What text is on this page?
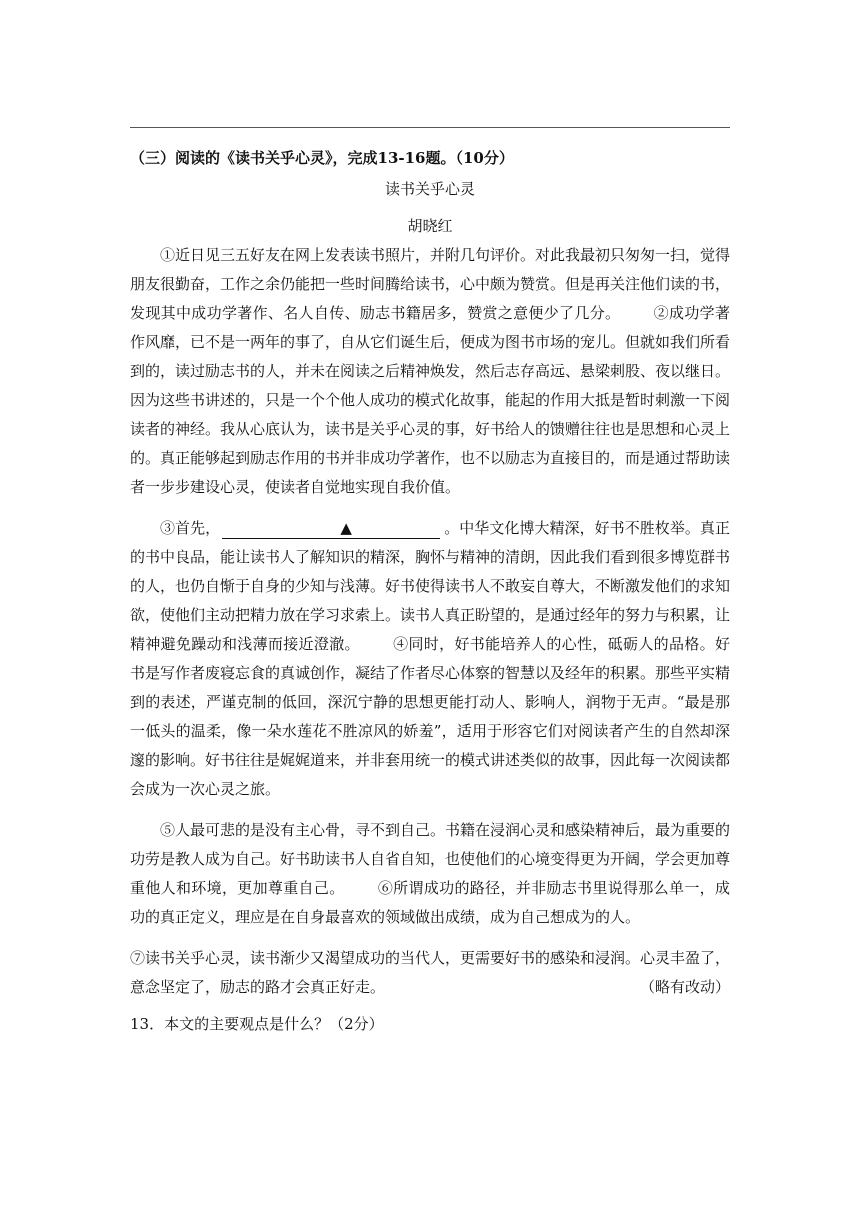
（三）阅读的《读书关乎心灵》，完成13-16题。（10分）

读书关乎心灵

胡晓红

①近日见三五好友在网上发表读书照片，并附几句评价。对此我最初只匆匆一扫，觉得朋友很勤奋，工作之余仍能把一些时间腾给读书，心中颇为赞赏。但是再关注他们读的书，发现其中成功学著作、名人自传、励志书籍居多，赞赏之意便少了几分。 ②成功学著作风靡，已不是一两年的事了，自从它们诞生后，便成为图书市场的宠儿。但就如我们所看到的，读过励志书的人，并未在阅读之后精神焕发，然后志存高远、悬梁刺股、夜以继日。因为这些书讲述的，只是一个个他人成功的模式化故事，能起的作用大抵是暂时刺激一下阅读者的神经。我从心底认为，读书是关乎心灵的事，好书给人的馈赠往往也是思想和心灵上的。真正能够起到励志作用的书并非成功学著作，也不以励志为直接目的，而是通过帮助读者一步步建设心灵，使读者自觉地实现自我价值。

③首先，	▲	。中华文化博大精深，好书不胜枚举。真正的书中良品，能让读书人了解知识的精深，胸怀与精神的清朗，因此我们看到很多博览群书的人，也仍自惭于自身的少知与浅薄。好书使得读书人不敢妄自尊大，不断激发他们的求知欲，使他们主动把精力放在学习求索上。读书人真正盼望的，是通过经年的努力与积累，让精神避免躁动和浅薄而接近澄澈。 ④同时，好书能培养人的心性，砥砺人的品格。好书是写作者废寝忘食的真诚创作，凝结了作者尽心体察的智慧以及经年的积累。那些平实精到的表述，严谨克制的低回，深沉宁静的思想更能打动人、影响人，润物于无声。“最是那一低头的温柔，像一朵水莲花不胜凉风的娇羞”，适用于形容它们对阅读者产生的自然却深邃的影响。好书往往是娓娓道来，并非套用统一的模式讲述类似的故事，因此每一次阅读都会成为一次心灵之旅。

⑤人最可悲的是没有主心骨，寻不到自己。书籍在浸润心灵和感染精神后，最为重要的功劳是教人成为自己。好书助读书人自省自知，也使他们的心境变得更为开阔，学会更加尊重他人和环境，更加尊重自己。 ⑥所谓成功的路径，并非励志书里说得那么单一，成功的真正定义，理应是在自身最喜欢的领域做出成绩，成为自己想成为的人。

⑦读书关乎心灵，读书渐少又渴望成功的当代人，更需要好书的感染和浸润。心灵丰盈了，意念坚定了，励志的路才会真正好走。	（略有改动）

13．本文的主要观点是什么？（2分）
